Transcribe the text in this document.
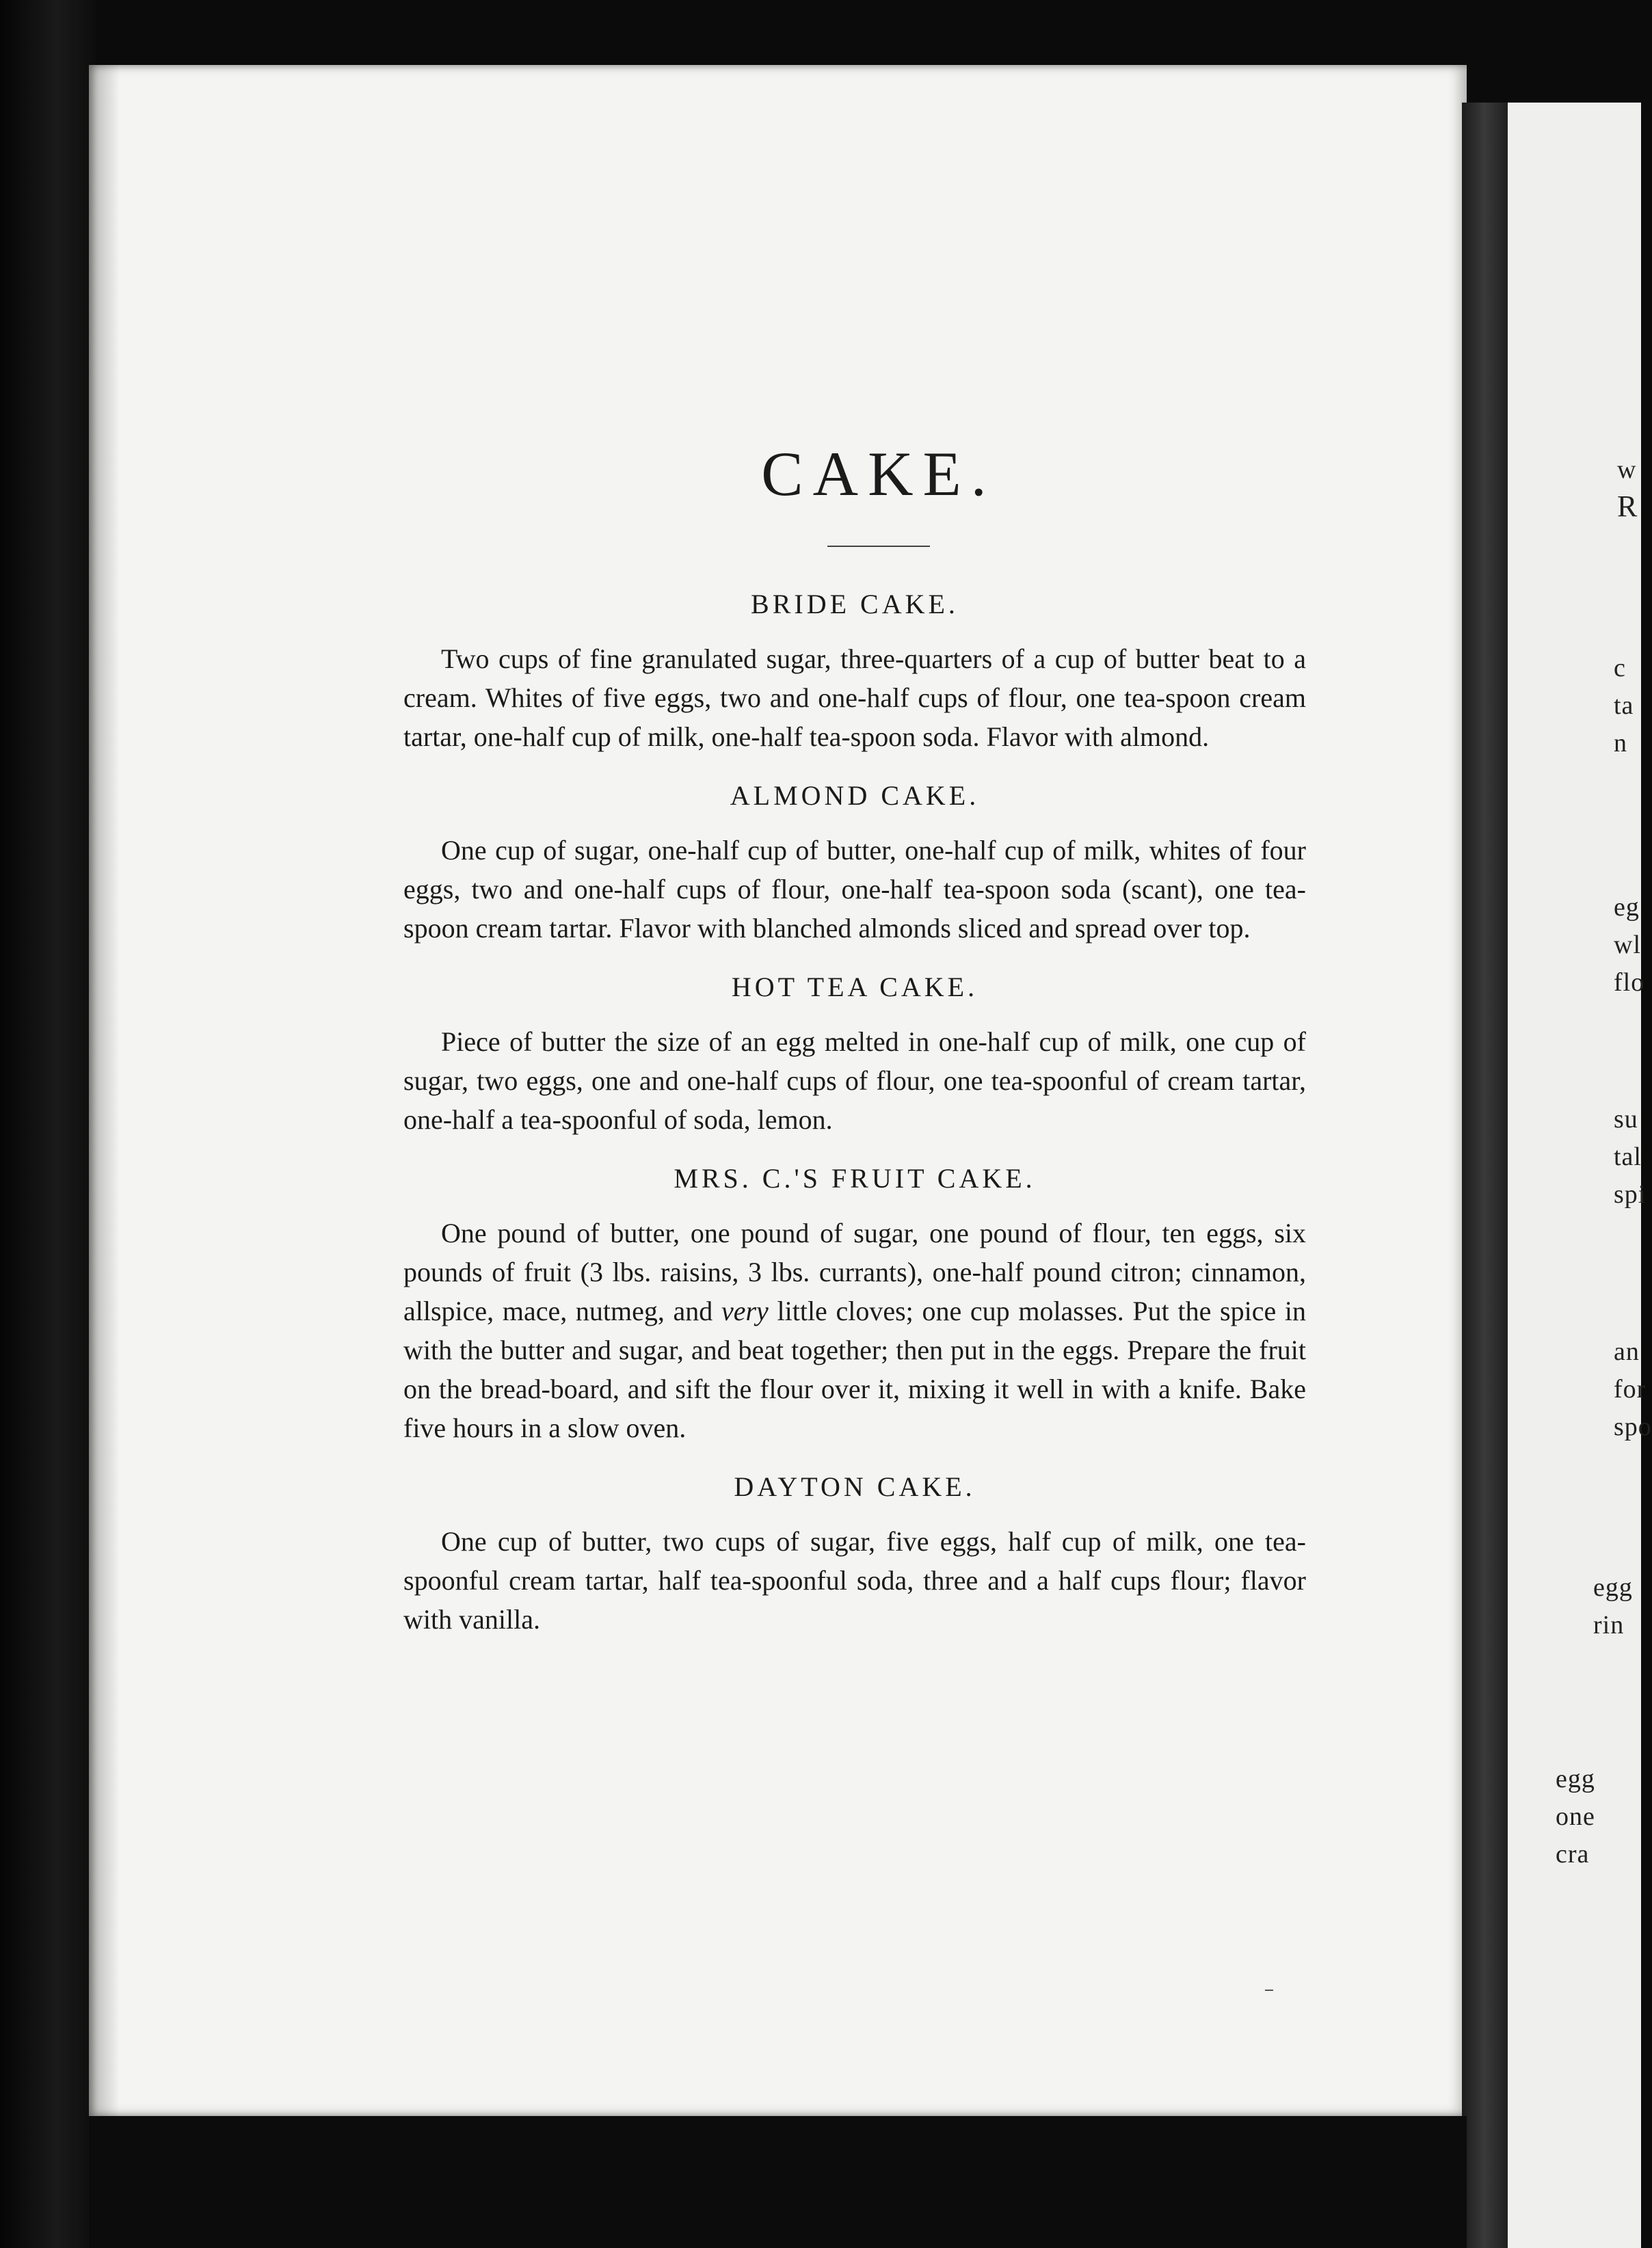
w
R
c
ta
n
eg
wl
flo
su
tal
spi
an
for
spo
egg
rin
egg
one
cra
CAKE.
BRIDE CAKE.

Two cups of fine granulated sugar, three-quarters of a cup of butter beat to a cream. Whites of five eggs, two and one-half cups of flour, one tea-spoon cream tartar, one-half cup of milk, one-half tea-spoon soda. Flavor with almond.

ALMOND CAKE.

One cup of sugar, one-half cup of butter, one-half cup of milk, whites of four eggs, two and one-half cups of flour, one-half tea-spoon soda (scant), one tea-spoon cream tartar. Flavor with blanched almonds sliced and spread over top.

HOT TEA CAKE.

Piece of butter the size of an egg melted in one-half cup of milk, one cup of sugar, two eggs, one and one-half cups of flour, one tea-spoonful of cream tartar, one-half a tea-spoonful of soda, lemon.

MRS. C.'S FRUIT CAKE.

One pound of butter, one pound of sugar, one pound of flour, ten eggs, six pounds of fruit (3 lbs. raisins, 3 lbs. currants), one-half pound citron; cinnamon, allspice, mace, nutmeg, and very little cloves; one cup molasses. Put the spice in with the butter and sugar, and beat together; then put in the eggs. Prepare the fruit on the bread-board, and sift the flour over it, mixing it well in with a knife. Bake five hours in a slow oven.

DAYTON CAKE.

One cup of butter, two cups of sugar, five eggs, half cup of milk, one tea-spoonful cream tartar, half tea-spoonful soda, three and a half cups flour; flavor with vanilla.
